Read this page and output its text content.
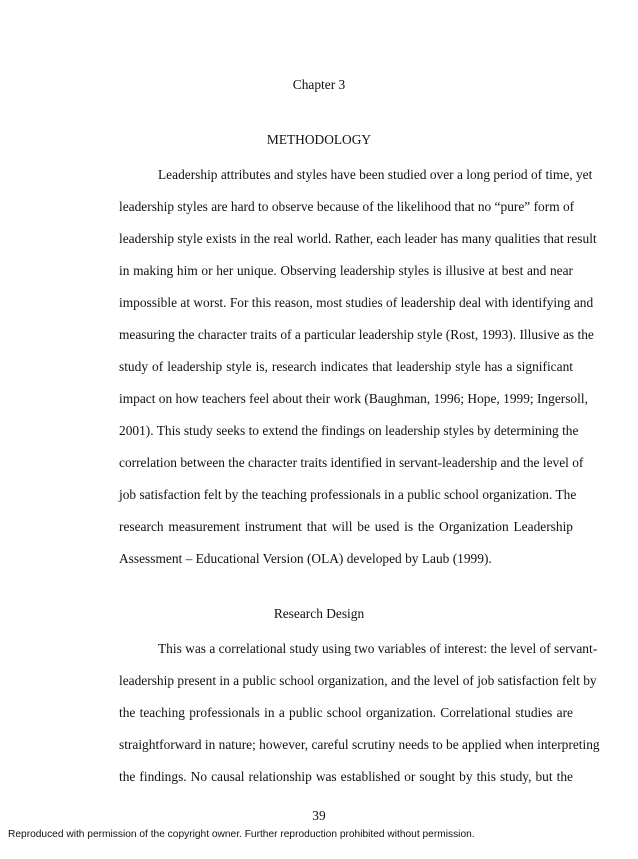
Chapter 3
METHODOLOGY
Leadership attributes and styles have been studied over a long period of time, yet
leadership styles are hard to observe because of the likelihood that no “pure” form of
leadership style exists in the real world. Rather, each leader has many qualities that result
in making him or her unique. Observing leadership styles is illusive at best and near
impossible at worst. For this reason, most studies of leadership deal with identifying and
measuring the character traits of a particular leadership style (Rost, 1993). Illusive as the
study of leadership style is, research indicates that leadership style has a significant
impact on how teachers feel about their work (Baughman, 1996; Hope, 1999; Ingersoll,
2001). This study seeks to extend the findings on leadership styles by determining the
correlation between the character traits identified in servant-leadership and the level of
job satisfaction felt by the teaching professionals in a public school organization. The
research measurement instrument that will be used is the Organization Leadership
Assessment – Educational Version (OLA) developed by Laub (1999).
Research Design
This was a correlational study using two variables of interest: the level of servant-
leadership present in a public school organization, and the level of job satisfaction felt by
the teaching professionals in a public school organization. Correlational studies are
straightforward in nature; however, careful scrutiny needs to be applied when interpreting
the findings. No causal relationship was established or sought by this study, but the
39
Reproduced with permission of the copyright owner. Further reproduction prohibited without permission.
